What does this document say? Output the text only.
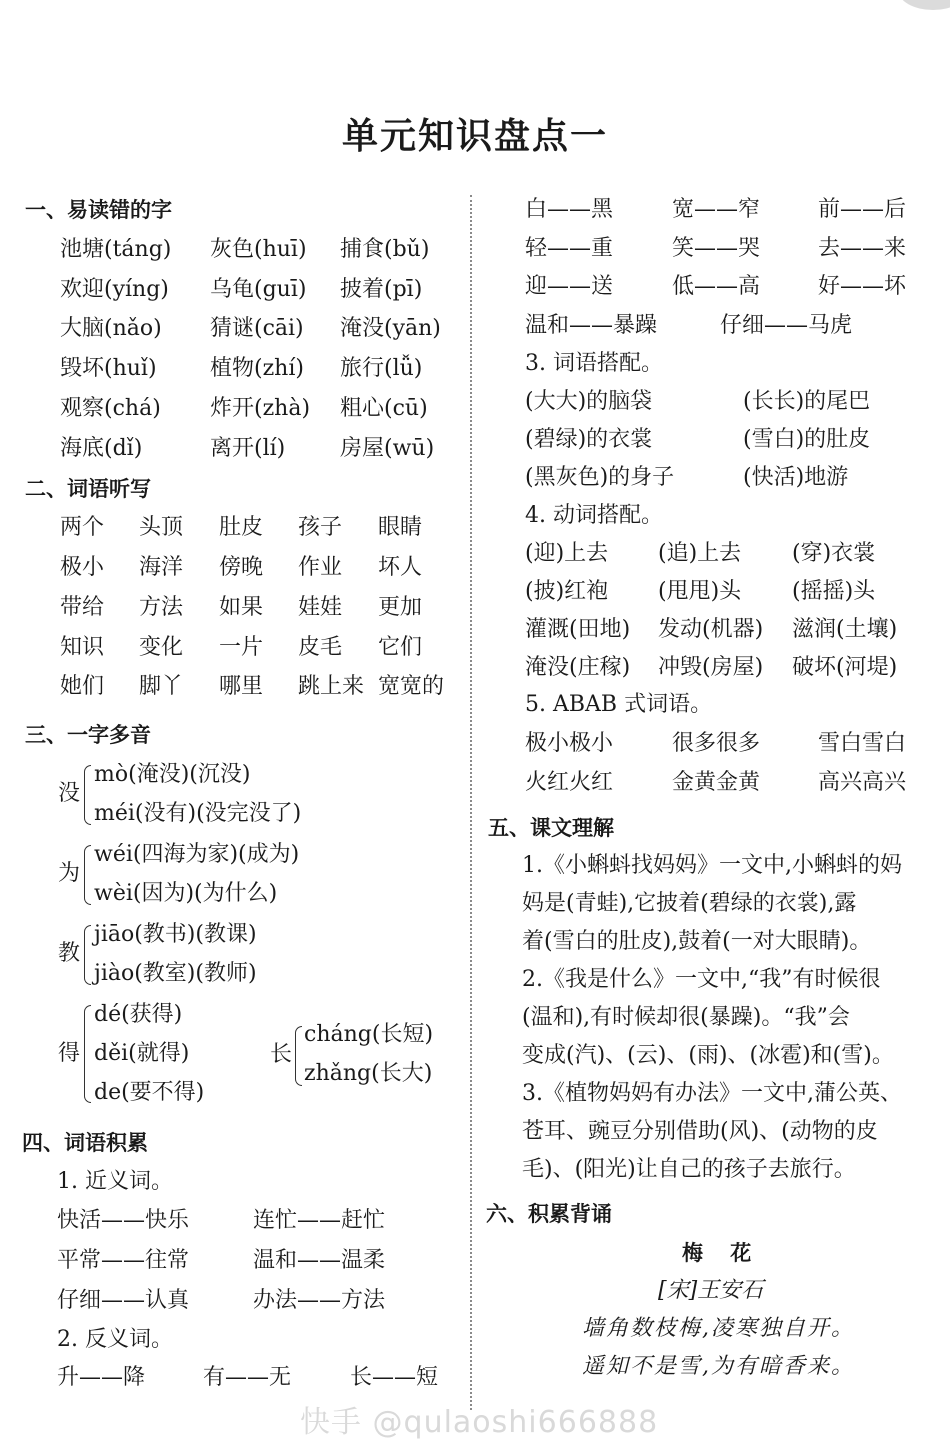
单元知识盘点一
一、易读错的字
池塘(táng) 灰色(huī) 捕食(bǔ)
欢迎(yíng) 乌龟(guī) 披着(pī)
大脑(nǎo) 猜谜(cāi) 淹没(yān)
毁坏(huǐ) 植物(zhí) 旅行(lǚ)
观察(chá) 炸开(zhà) 粗心(cū)
海底(dǐ)	离开(lí) 房屋(wū)
二、词语听写
两个 头顶 肚皮 孩子 眼睛
极小 海洋 傍晚 作业 坏人
带给 方法 如果 娃娃 更加
知识 变化 一片 皮毛 它们
她们 脚丫 哪里 跳上来 宽宽的
三、一字多音
没
mò(淹没)(沉没)
méi(没有)(没完没了)
为
wéi(四海为家)(成为)
wèi(因为)(为什么)
教
jiāo(教书)(教课)
jiào(教室)(教师)
得
dé(获得)
děi(就得)
de(要不得)
长
cháng(长短)
zhǎng(长大)
四、词语积累
1. 近义词。
快活——快乐	连忙——赶忙
平常——往常	温和——温柔
仔细——认真	办法——方法
2. 反义词。
升——降	有——无	长——短
白——黑	宽——窄	前——后
轻——重	笑——哭	去——来
迎——送	低——高	好——坏
温和——暴躁	仔细——马虎
3. 词语搭配。
(大大)的脑袋	(长长)的尾巴
(碧绿)的衣裳	(雪白)的肚皮
(黑灰色)的身子	(快活)地游
4. 动词搭配。
(迎)上去 (追)上去 (穿)衣裳
(披)红袍 (甩甩)头 (摇摇)头
灌溉(田地) 发动(机器) 滋润(土壤)
淹没(庄稼) 冲毁(房屋) 破坏(河堤)
5. ABAB 式词语。
极小极小	很多很多	雪白雪白
火红火红	金黄金黄	高兴高兴
五、课文理解
1.《小蝌蚪找妈妈》一文中,小蝌蚪的妈
妈是(青蛙),它披着(碧绿的衣裳),露
着(雪白的肚皮),鼓着(一对大眼睛)。
2.《我是什么》一文中,“我”有时候很
(温和),有时候却很(暴躁)。“我”会
变成(汽)、(云)、(雨)、(冰雹)和(雪)。
3.《植物妈妈有办法》一文中,蒲公英、
苍耳、豌豆分别借助(风)、(动物的皮
毛)、(阳光)让自己的孩子去旅行。
六、积累背诵
梅 花
[宋]王安石
墙角数枝梅,凌寒独自开。
遥知不是雪,为有暗香来。
快手 @qulaoshi666888
